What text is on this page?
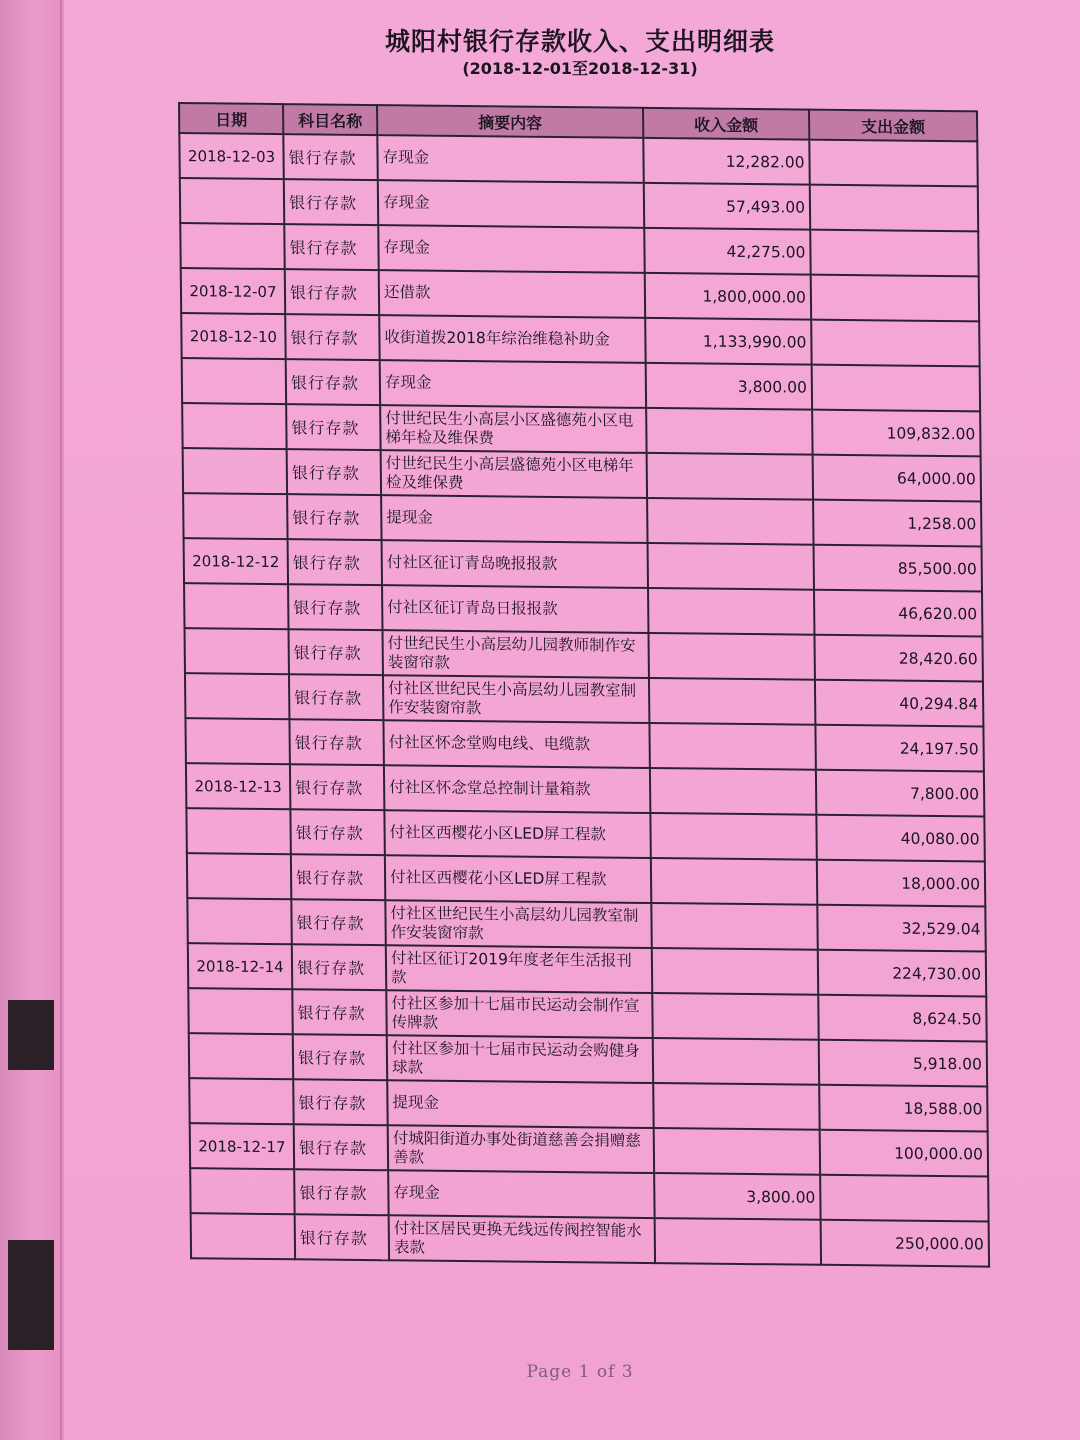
城阳村银行存款收入、支出明细表
(2018-12-01至2018-12-31)
日期	科目名称	摘要内容	收入金额	支出金额
2018-12-03	银行存款	存现金	12,282.00	
	银行存款	存现金	57,493.00	
	银行存款	存现金	42,275.00	
2018-12-07	银行存款	还借款	1,800,000.00	
2018-12-10	银行存款	收街道拨2018年综治维稳补助金	1,133,990.00	
	银行存款	存现金	3,800.00	
	银行存款	付世纪民生小高层小区盛德苑小区电梯年检及维保费		109,832.00
	银行存款	付世纪民生小高层盛德苑小区电梯年检及维保费		64,000.00
	银行存款	提现金		1,258.00
2018-12-12	银行存款	付社区征订青岛晚报报款		85,500.00
	银行存款	付社区征订青岛日报报款		46,620.00
	银行存款	付世纪民生小高层幼儿园教师制作安装窗帘款		28,420.60
	银行存款	付社区世纪民生小高层幼儿园教室制作安装窗帘款		40,294.84
	银行存款	付社区怀念堂购电线、电缆款		24,197.50
2018-12-13	银行存款	付社区怀念堂总控制计量箱款		7,800.00
	银行存款	付社区西樱花小区LED屏工程款		40,080.00
	银行存款	付社区西樱花小区LED屏工程款		18,000.00
	银行存款	付社区世纪民生小高层幼儿园教室制作安装窗帘款		32,529.04
2018-12-14	银行存款	付社区征订2019年度老年生活报刊款		224,730.00
	银行存款	付社区参加十七届市民运动会制作宣传牌款		8,624.50
	银行存款	付社区参加十七届市民运动会购健身球款		5,918.00
	银行存款	提现金		18,588.00
2018-12-17	银行存款	付城阳街道办事处街道慈善会捐赠慈善款		100,000.00
	银行存款	存现金	3,800.00	
	银行存款	付社区居民更换无线远传阀控智能水表款		250,000.00
Page 1 of 3
